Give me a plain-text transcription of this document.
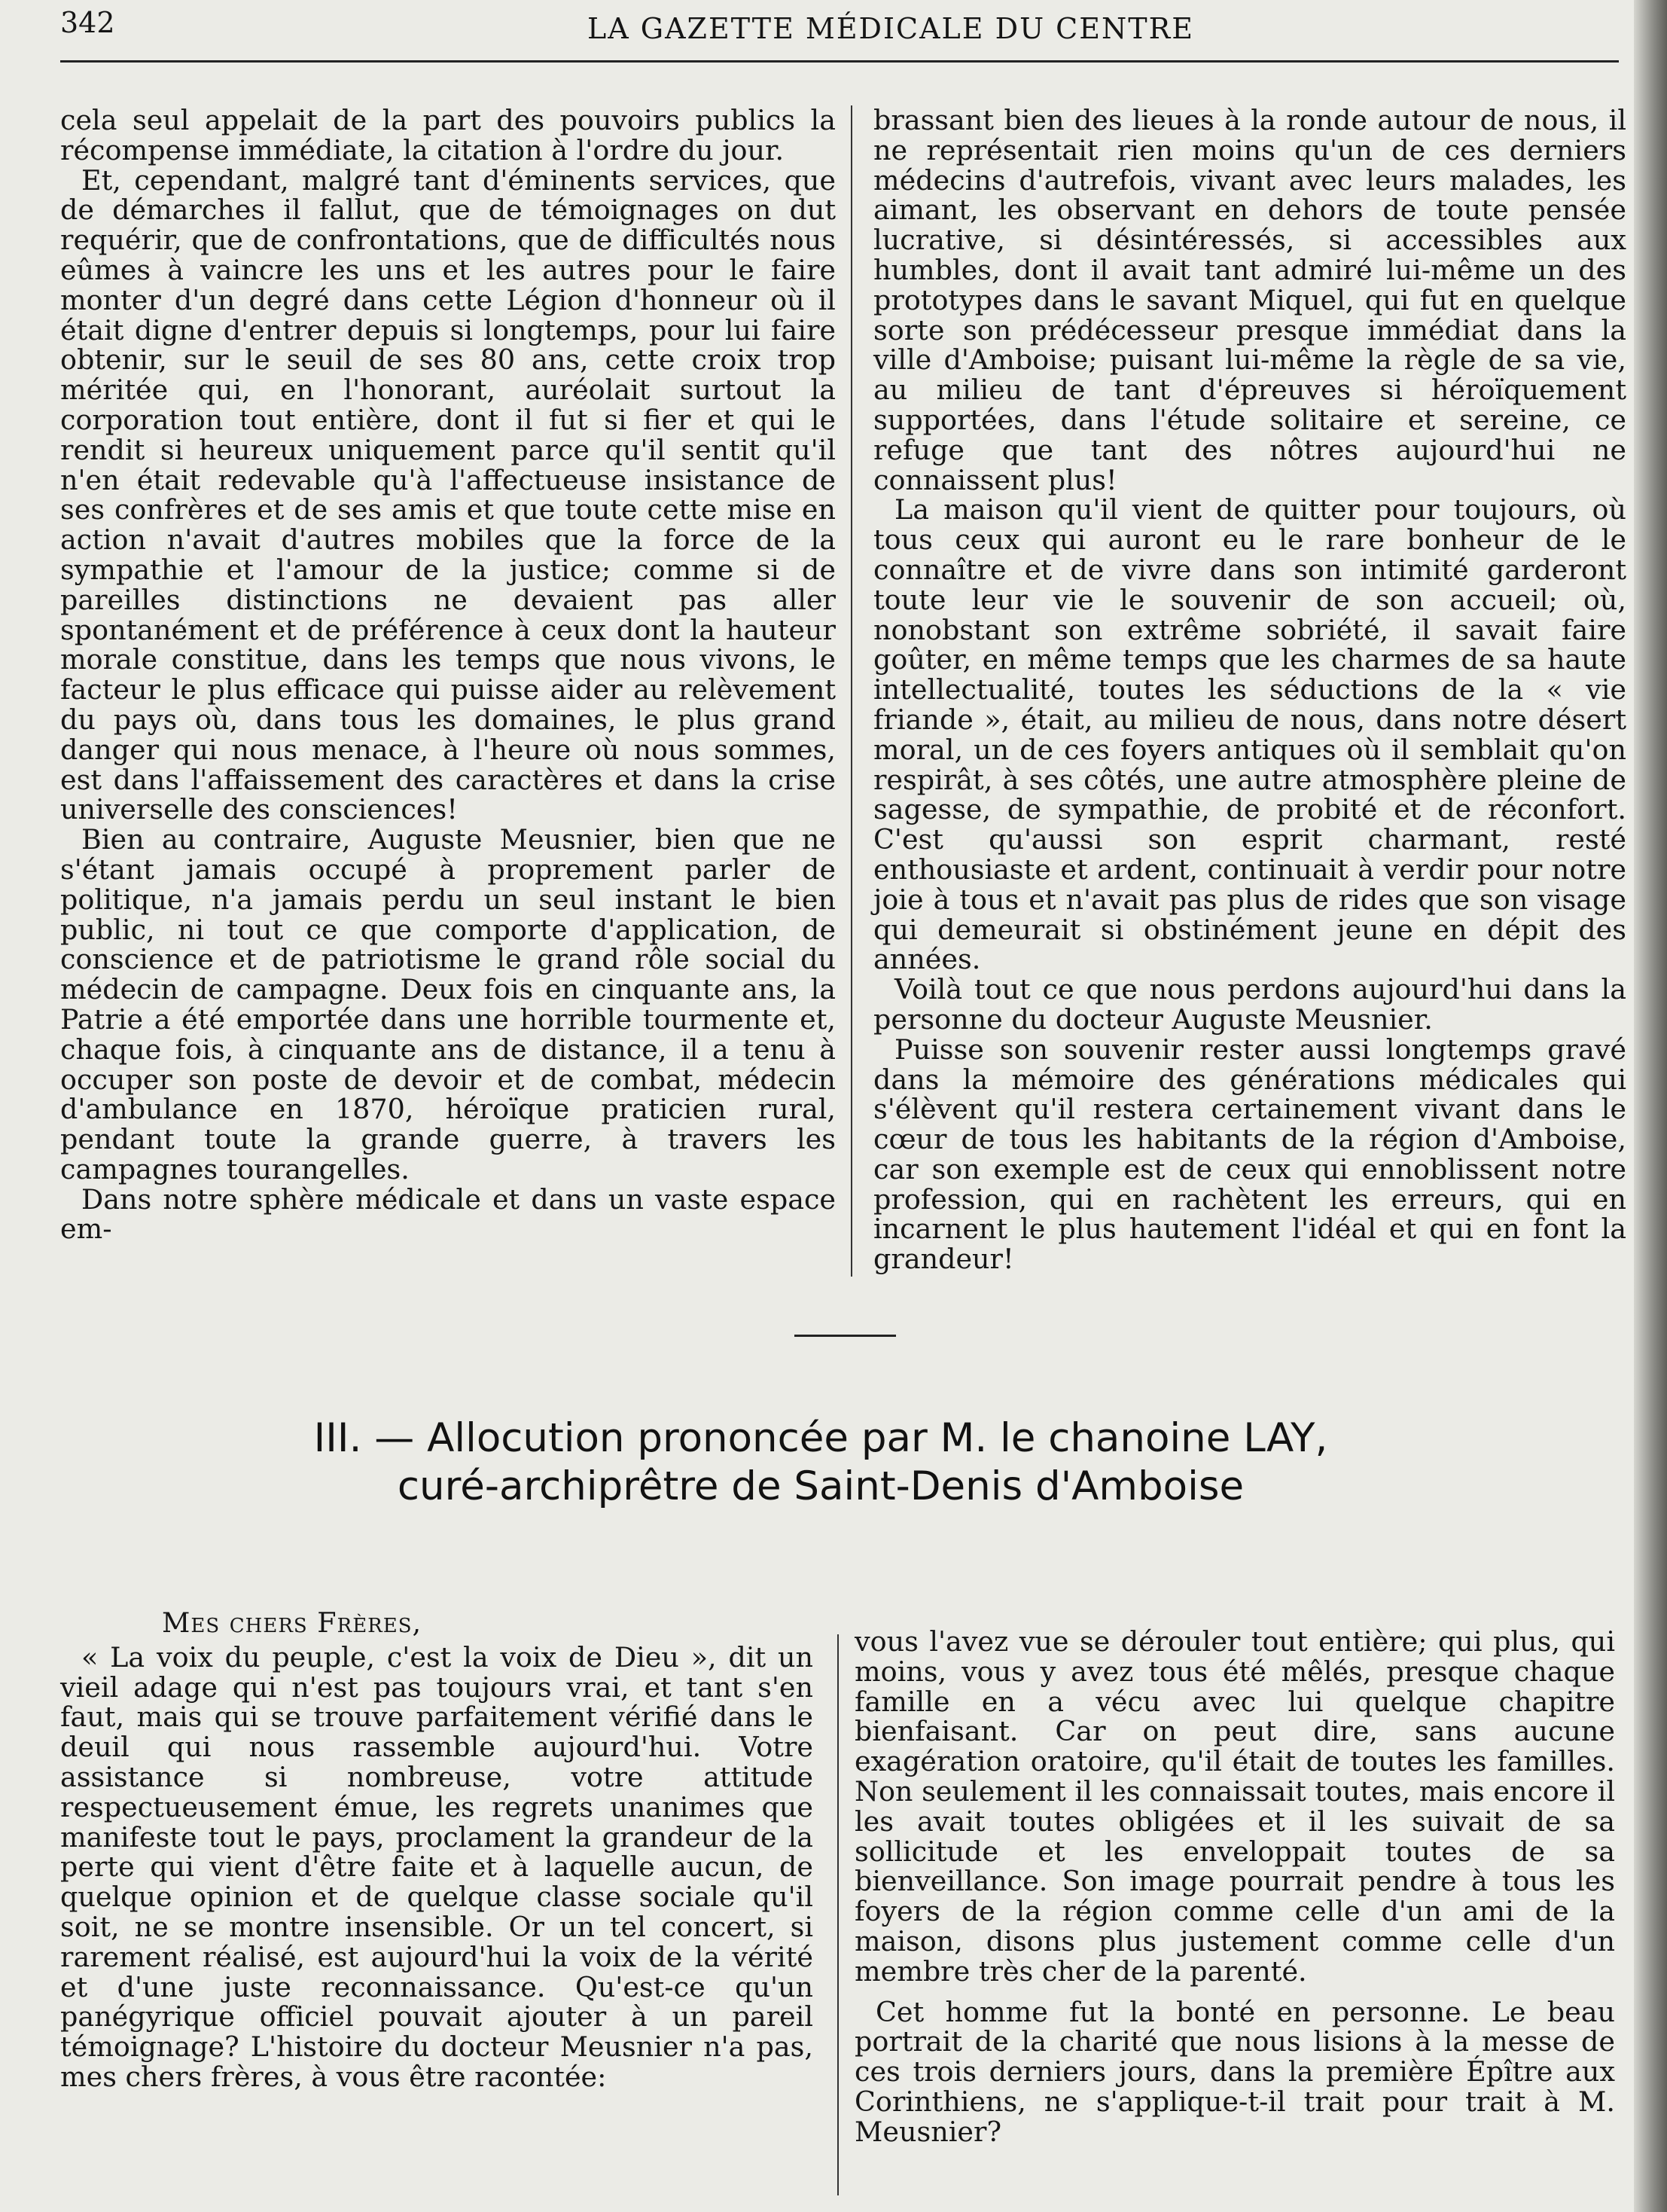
342	LA GAZETTE MÉDICALE DU CENTRE

cela seul appelait de la part des pouvoirs publics la récompense immédiate, la citation à l'ordre du jour.

Et, cependant, malgré tant d'éminents services, que de démarches il fallut, que de témoignages on dut requérir, que de confrontations, que de difficultés nous eûmes à vaincre les uns et les autres pour le faire monter d'un degré dans cette Légion d'honneur où il était digne d'entrer depuis si longtemps, pour lui faire obtenir, sur le seuil de ses 80 ans, cette croix trop méritée qui, en l'honorant, auréolait surtout la corporation tout entière, dont il fut si fier et qui le rendit si heureux uniquement parce qu'il sentit qu'il n'en était redevable qu'à l'affectueuse insistance de ses confrères et de ses amis et que toute cette mise en action n'avait d'autres mobiles que la force de la sympathie et l'amour de la justice; comme si de pareilles distinctions ne devaient pas aller spontanément et de préférence à ceux dont la hauteur morale constitue, dans les temps que nous vivons, le facteur le plus efficace qui puisse aider au relèvement du pays où, dans tous les domaines, le plus grand danger qui nous menace, à l'heure où nous sommes, est dans l'affaissement des caractères et dans la crise universelle des consciences!

Bien au contraire, Auguste Meusnier, bien que ne s'étant jamais occupé à proprement parler de politique, n'a jamais perdu un seul instant le bien public, ni tout ce que comporte d'application, de conscience et de patriotisme le grand rôle social du médecin de campagne. Deux fois en cinquante ans, la Patrie a été emportée dans une horrible tourmente et, chaque fois, à cinquante ans de distance, il a tenu à occuper son poste de devoir et de combat, médecin d'ambulance en 1870, héroïque praticien rural, pendant toute la grande guerre, à travers les campagnes tourangelles.

Dans notre sphère médicale et dans un vaste espace em-

brassant bien des lieues à la ronde autour de nous, il ne représentait rien moins qu'un de ces derniers médecins d'autrefois, vivant avec leurs malades, les aimant, les observant en dehors de toute pensée lucrative, si désintéressés, si accessibles aux humbles, dont il avait tant admiré lui-même un des prototypes dans le savant Miquel, qui fut en quelque sorte son prédécesseur presque immédiat dans la ville d'Amboise; puisant lui-même la règle de sa vie, au milieu de tant d'épreuves si héroïquement supportées, dans l'étude solitaire et sereine, ce refuge que tant des nôtres aujourd'hui ne connaissent plus!

La maison qu'il vient de quitter pour toujours, où tous ceux qui auront eu le rare bonheur de le connaître et de vivre dans son intimité garderont toute leur vie le souvenir de son accueil; où, nonobstant son extrême sobriété, il savait faire goûter, en même temps que les charmes de sa haute intellectualité, toutes les séductions de la « vie friande », était, au milieu de nous, dans notre désert moral, un de ces foyers antiques où il semblait qu'on respirât, à ses côtés, une autre atmosphère pleine de sagesse, de sympathie, de probité et de réconfort. C'est qu'aussi son esprit charmant, resté enthousiaste et ardent, continuait à verdir pour notre joie à tous et n'avait pas plus de rides que son visage qui demeurait si obstinément jeune en dépit des années.

Voilà tout ce que nous perdons aujourd'hui dans la personne du docteur Auguste Meusnier.

Puisse son souvenir rester aussi longtemps gravé dans la mémoire des générations médicales qui s'élèvent qu'il restera certainement vivant dans le cœur de tous les habitants de la région d'Amboise, car son exemple est de ceux qui ennoblissent notre profession, qui en rachètent les erreurs, qui en incarnent le plus hautement l'idéal et qui en font la grandeur!

III. — Allocution prononcée par M. le chanoine LAY,
curé-archiprêtre de Saint-Denis d'Amboise

Mes chers Frères,

« La voix du peuple, c'est la voix de Dieu », dit un vieil adage qui n'est pas toujours vrai, et tant s'en faut, mais qui se trouve parfaitement vérifié dans le deuil qui nous rassemble aujourd'hui. Votre assistance si nombreuse, votre attitude respectueusement émue, les regrets unanimes que manifeste tout le pays, proclament la grandeur de la perte qui vient d'être faite et à laquelle aucun, de quelque opinion et de quelque classe sociale qu'il soit, ne se montre insensible. Or un tel concert, si rarement réalisé, est aujourd'hui la voix de la vérité et d'une juste reconnaissance. Qu'est-ce qu'un panégyrique officiel pouvait ajouter à un pareil témoignage? L'histoire du docteur Meusnier n'a pas, mes chers frères, à vous être racontée:

vous l'avez vue se dérouler tout entière; qui plus, qui moins, vous y avez tous été mêlés, presque chaque famille en a vécu avec lui quelque chapitre bienfaisant. Car on peut dire, sans aucune exagération oratoire, qu'il était de toutes les familles. Non seulement il les connaissait toutes, mais encore il les avait toutes obligées et il les suivait de sa sollicitude et les enveloppait toutes de sa bienveillance. Son image pourrait pendre à tous les foyers de la région comme celle d'un ami de la maison, disons plus justement comme celle d'un membre très cher de la parenté.

Cet homme fut la bonté en personne. Le beau portrait de la charité que nous lisions à la messe de ces trois derniers jours, dans la première Épître aux Corinthiens, ne s'applique-t-il trait pour trait à M. Meusnier?
